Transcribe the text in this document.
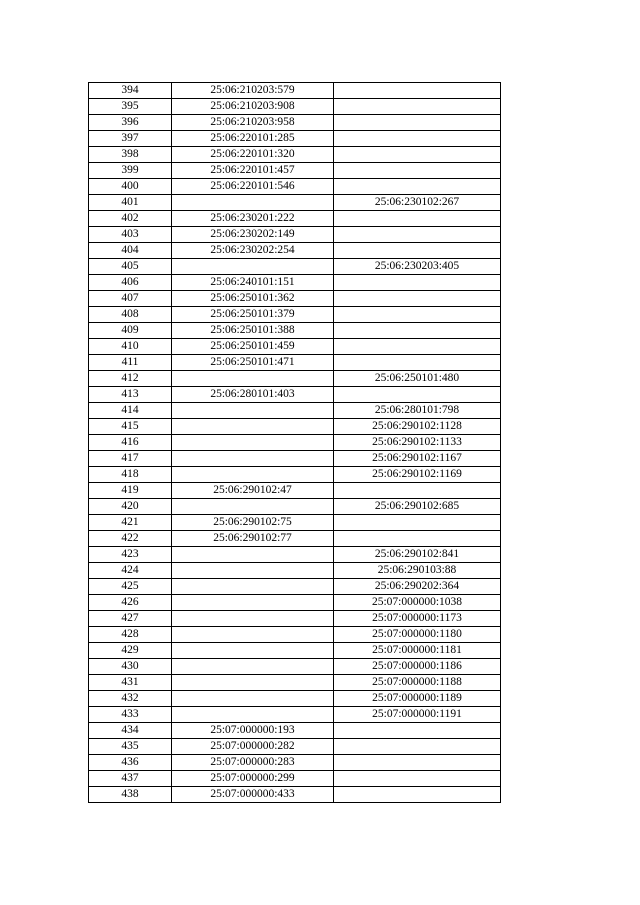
394	25:06:210203:579	
395	25:06:210203:908	
396	25:06:210203:958	
397	25:06:220101:285	
398	25:06:220101:320	
399	25:06:220101:457	
400	25:06:220101:546	
401		25:06:230102:267
402	25:06:230201:222	
403	25:06:230202:149	
404	25:06:230202:254	
405		25:06:230203:405
406	25:06:240101:151	
407	25:06:250101:362	
408	25:06:250101:379	
409	25:06:250101:388	
410	25:06:250101:459	
411	25:06:250101:471	
412		25:06:250101:480
413	25:06:280101:403	
414		25:06:280101:798
415		25:06:290102:1128
416		25:06:290102:1133
417		25:06:290102:1167
418		25:06:290102:1169
419	25:06:290102:47	
420		25:06:290102:685
421	25:06:290102:75	
422	25:06:290102:77	
423		25:06:290102:841
424		25:06:290103:88
425		25:06:290202:364
426		25:07:000000:1038
427		25:07:000000:1173
428		25:07:000000:1180
429		25:07:000000:1181
430		25:07:000000:1186
431		25:07:000000:1188
432		25:07:000000:1189
433		25:07:000000:1191
434	25:07:000000:193	
435	25:07:000000:282	
436	25:07:000000:283	
437	25:07:000000:299	
438	25:07:000000:433	
